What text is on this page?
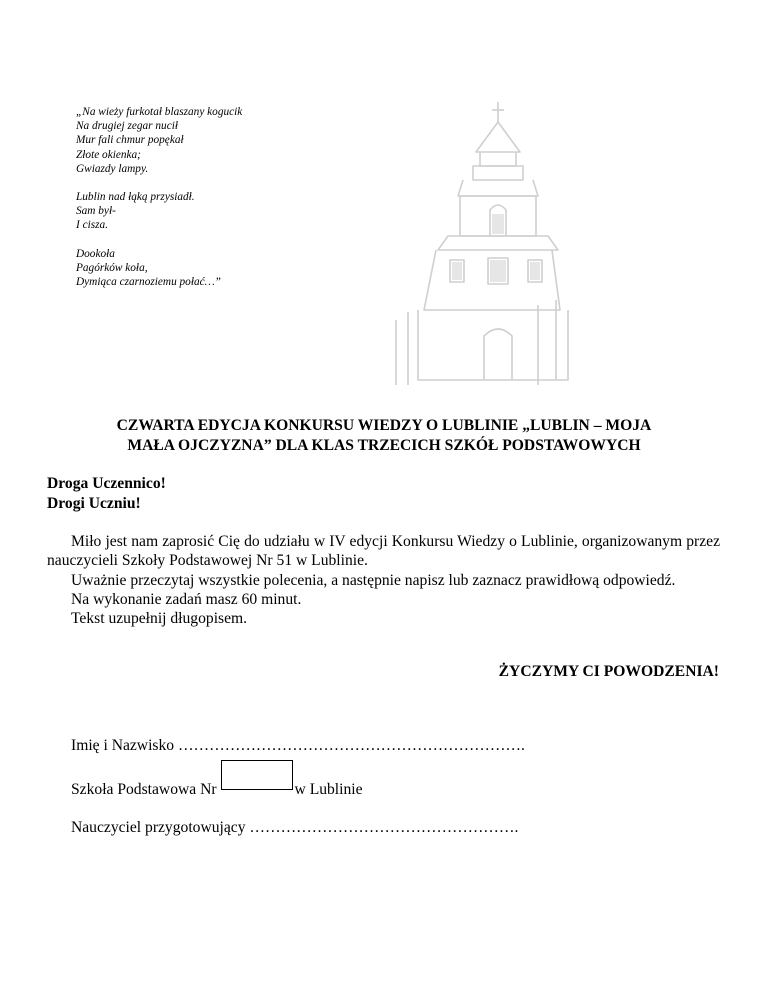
„Na wieży furkotał blaszany kogucik
Na drugiej zegar nucił
Mur fali chmur popękał
Złote okienka;
Gwiazdy lampy.
Lublin nad łąką przysiadł.
Sam był-
I cisza.
Dookoła
Pagórków koła,
Dymiąca czarnoziemu połać…”
CZWARTA EDYCJA KONKURSU WIEDZY O LUBLINIE „LUBLIN – MOJA
MAŁA OJCZYZNA” DLA KLAS TRZECICH SZKÓŁ PODSTAWOWYCH
Droga Uczennico!
Drogi Uczniu!

Miło jest nam zaprosić Cię do udziału w IV edycji Konkursu Wiedzy o Lublinie, organizowanym przez nauczycieli Szkoły Podstawowej Nr 51 w Lublinie.

Uważnie przeczytaj wszystkie polecenia, a następnie napisz lub zaznacz prawidłową odpowiedź.

Na wykonanie zadań masz 60 minut.

Tekst uzupełnij długopisem.

ŻYCZYMY CI POWODZENIA!
Imię i Nazwisko ………………………………………………………….
Szkoła Podstawowa Nr	w Lublinie
Nauczyciel przygotowujący …………………………………………….
